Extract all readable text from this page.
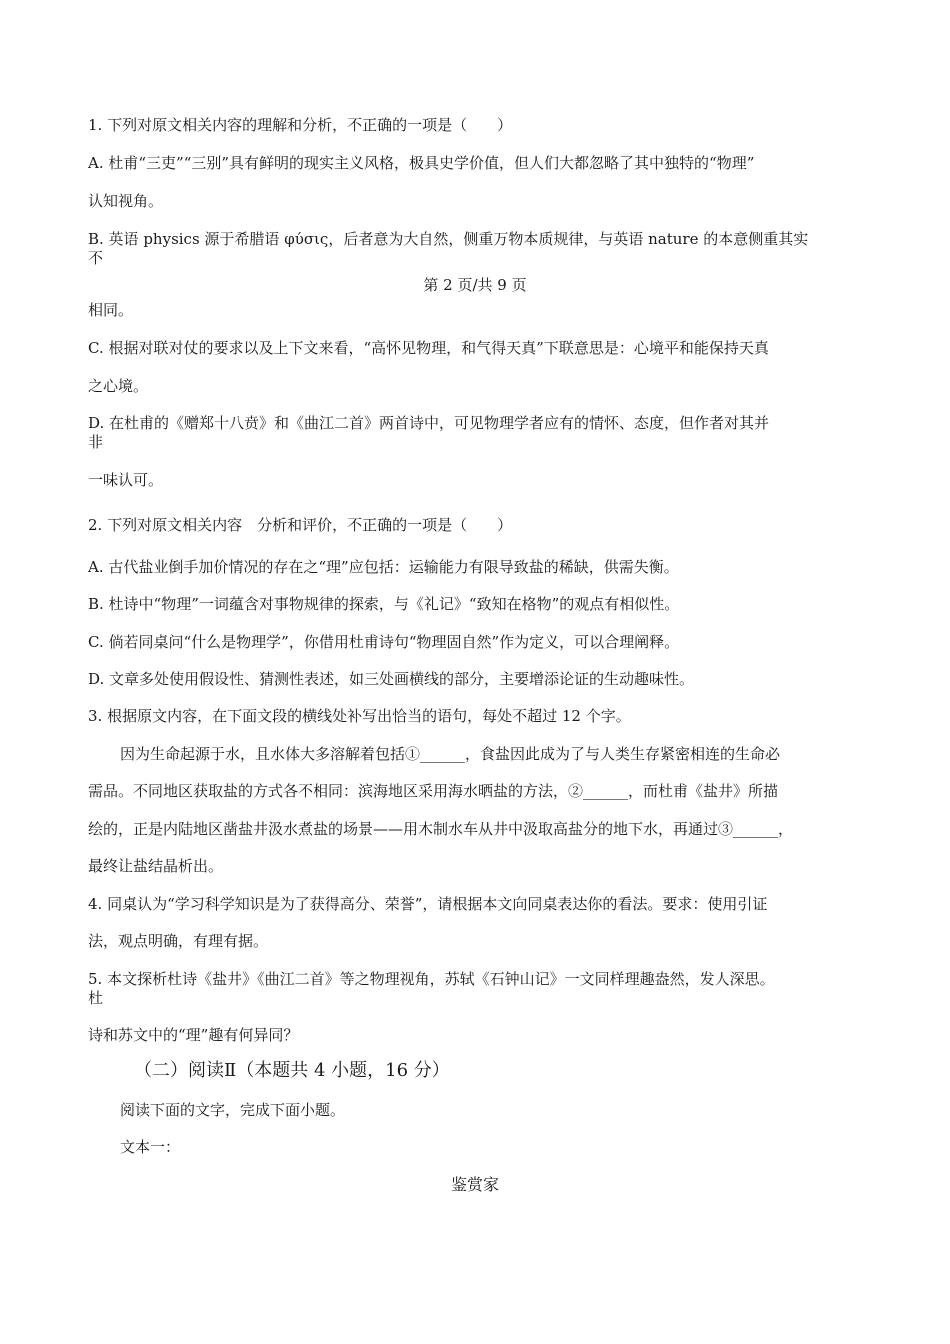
1. 下列对原文相关内容的理解和分析，不正确的一项是（　　）
A. 杜甫“三吏”“三别”具有鲜明的现实主义风格，极具史学价值，但人们大都忽略了其中独特的“物理”
认知视角。
B. 英语 physics 源于希腊语 φύσις，后者意为大自然，侧重万物本质规律，与英语 nature 的本意侧重其实
不
第 2 页/共 9 页
相同。
C. 根据对联对仗的要求以及上下文来看，“高怀见物理，和气得天真”下联意思是：心境平和能保持天真
之心境。
D. 在杜甫的《赠郑十八贲》和《曲江二首》两首诗中，可见物理学者应有的情怀、态度，但作者对其并
非
一味认可。
2. 下列对原文相关内容　分析和评价，不正确的一项是（　　）
A. 古代盐业倒手加价情况的存在之“理”应包括：运输能力有限导致盐的稀缺，供需失衡。
B. 杜诗中“物理”一词蕴含对事物规律的探索，与《礼记》“致知在格物”的观点有相似性。
C. 倘若同桌问“什么是物理学”，你借用杜甫诗句“物理固自然”作为定义，可以合理阐释。
D. 文章多处使用假设性、猜测性表述，如三处画横线的部分，主要增添论证的生动趣味性。
3. 根据原文内容，在下面文段的横线处补写出恰当的语句，每处不超过 12 个字。
因为生命起源于水，且水体大多溶解着包括①______，食盐因此成为了与人类生存紧密相连的生命必
需品。不同地区获取盐的方式各不相同：滨海地区采用海水晒盐的方法，②______，而杜甫《盐井》所描
绘的，正是内陆地区凿盐井汲水煮盐的场景——用木制水车从井中汲取高盐分的地下水，再通过③______，
最终让盐结晶析出。
4. 同桌认为“学习科学知识是为了获得高分、荣誉”，请根据本文向同桌表达你的看法。要求：使用引证
法，观点明确，有理有据。
5. 本文探析杜诗《盐井》《曲江二首》等之物理视角，苏轼《石钟山记》一文同样理趣盎然，发人深思。
杜
诗和苏文中的“理”趣有何异同？
（二）阅读Ⅱ（本题共 4 小题，16 分）
阅读下面的文字，完成下面小题。
文本一：
鉴赏家
